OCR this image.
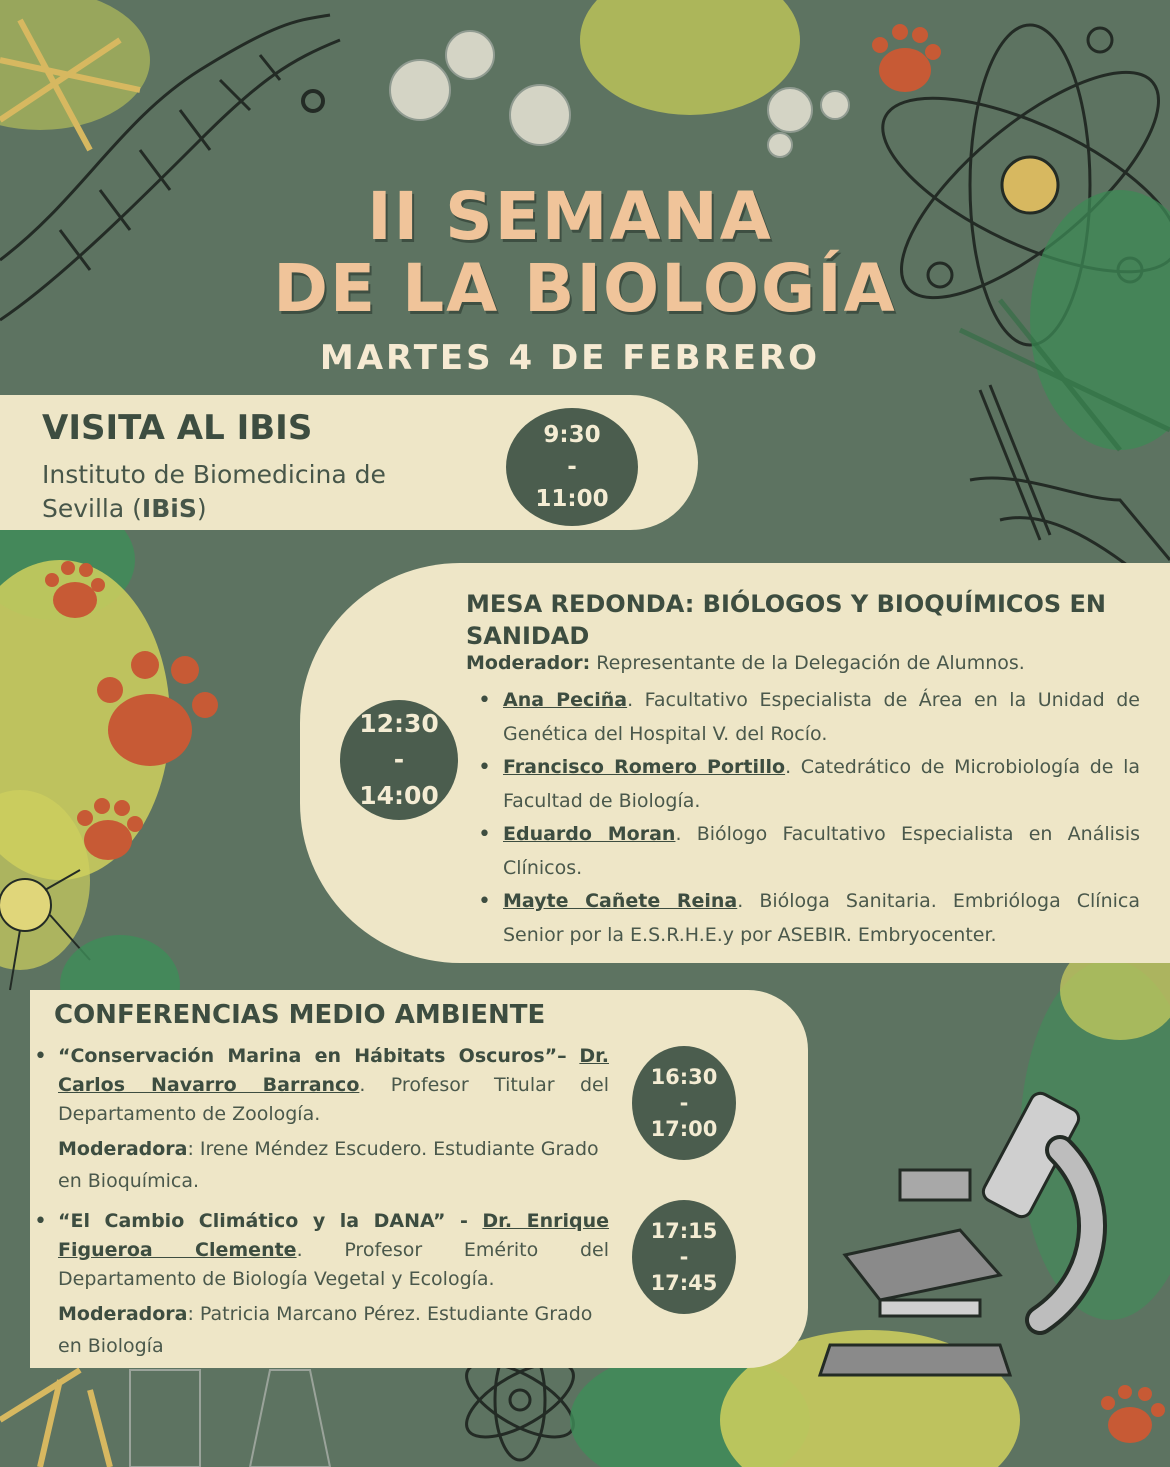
II SEMANA
DE LA BIOLOGÍA
MARTES 4 DE FEBRERO
VISITA AL IBIS
Instituto de Biomedicina de Sevilla (IBiS)
9:30
-
11:00
12:30
-
14:00
MESA REDONDA: BIÓLOGOS Y BIOQUÍMICOS EN SANIDAD
Moderador: Representante de la Delegación de Alumnos.
• Ana Peciña. Facultativo Especialista de Área en la Unidad de Genética del Hospital V. del Rocío.
• Francisco Romero Portillo. Catedrático de Microbiología de la Facultad de Biología.
• Eduardo Moran. Biólogo Facultativo Especialista en Análisis Clínicos.
• Mayte Cañete Reina. Bióloga Sanitaria. Embrióloga Clínica Senior por la E.S.R.H.E.y por ASEBIR. Embryocenter.
CONFERENCIAS MEDIO AMBIENTE
• “Conservación Marina en Hábitats Oscuros”– Dr. Carlos Navarro Barranco. Profesor Titular del Departamento de Zoología.
Moderadora: Irene Méndez Escudero. Estudiante Grado en Bioquímica.
16:30
-
17:00
• “El Cambio Climático y la DANA” - Dr. Enrique Figueroa Clemente. Profesor Emérito del Departamento de Biología Vegetal y Ecología.
Moderadora: Patricia Marcano Pérez. Estudiante Grado en Biología
17:15
-
17:45
